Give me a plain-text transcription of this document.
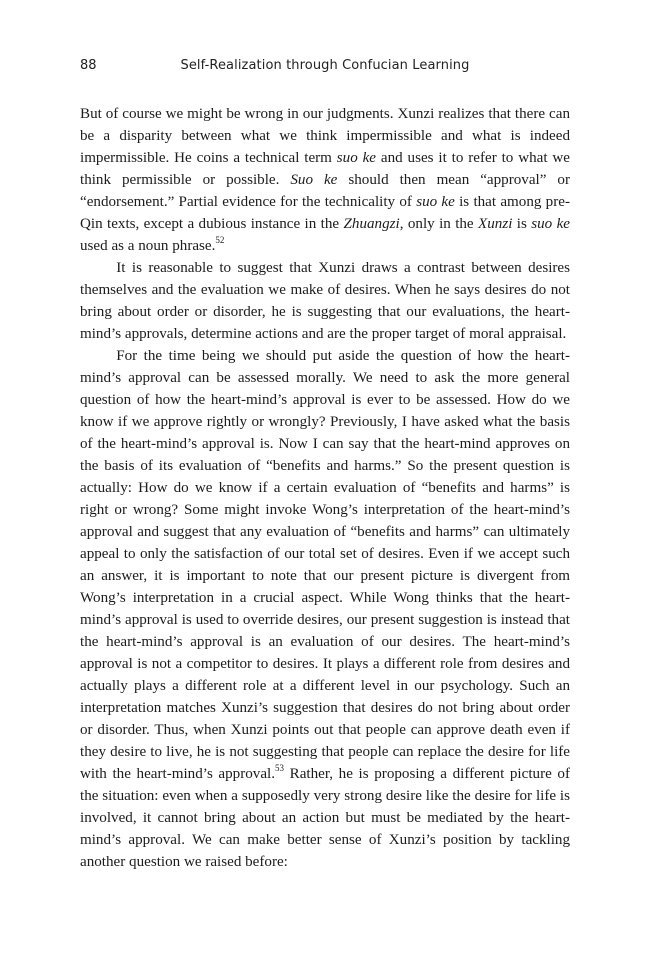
88	Self-Realization through Confucian Learning

But of course we might be wrong in our judgments. Xunzi realizes that there can be a disparity between what we think impermissible and what is indeed impermissible. He coins a technical term suo ke and uses it to refer to what we think permissible or possible. Suo ke should then mean “approval” or “endorsement.” Partial evidence for the technicality of suo ke is that among pre-Qin texts, except a dubious instance in the Zhuangzi, only in the Xunzi is suo ke used as a noun phrase.$^{52}$

It is reasonable to suggest that Xunzi draws a contrast between desires themselves and the evaluation we make of desires. When he says desires do not bring about order or disorder, he is suggesting that our evaluations, the heart-mind’s approvals, determine actions and are the proper target of moral appraisal.

For the time being we should put aside the question of how the heart-mind’s approval can be assessed morally. We need to ask the more general question of how the heart-mind’s approval is ever to be assessed. How do we know if we approve rightly or wrongly? Previously, I have asked what the basis of the heart-mind’s approval is. Now I can say that the heart-mind approves on the basis of its evaluation of “benefits and harms.” So the present question is actually: How do we know if a certain evaluation of “benefits and harms” is right or wrong? Some might invoke Wong’s interpretation of the heart-mind’s approval and suggest that any evaluation of “benefits and harms” can ultimately appeal to only the satisfaction of our total set of desires. Even if we accept such an answer, it is important to note that our present picture is divergent from Wong’s interpretation in a crucial aspect. While Wong thinks that the heart-mind’s approval is used to override desires, our present suggestion is instead that the heart-mind’s approval is an evaluation of our desires. The heart-mind’s approval is not a competitor to desires. It plays a different role from desires and actually plays a different role at a different level in our psychology. Such an interpretation matches Xunzi’s suggestion that desires do not bring about order or disorder. Thus, when Xunzi points out that people can approve death even if they desire to live, he is not suggesting that people can replace the desire for life with the heart-mind’s approval.$^{53}$ Rather, he is proposing a different picture of the situation: even when a supposedly very strong desire like the desire for life is involved, it cannot bring about an action but must be mediated by the heart-mind’s approval. We can make better sense of Xunzi’s position by tackling another question we raised before:
